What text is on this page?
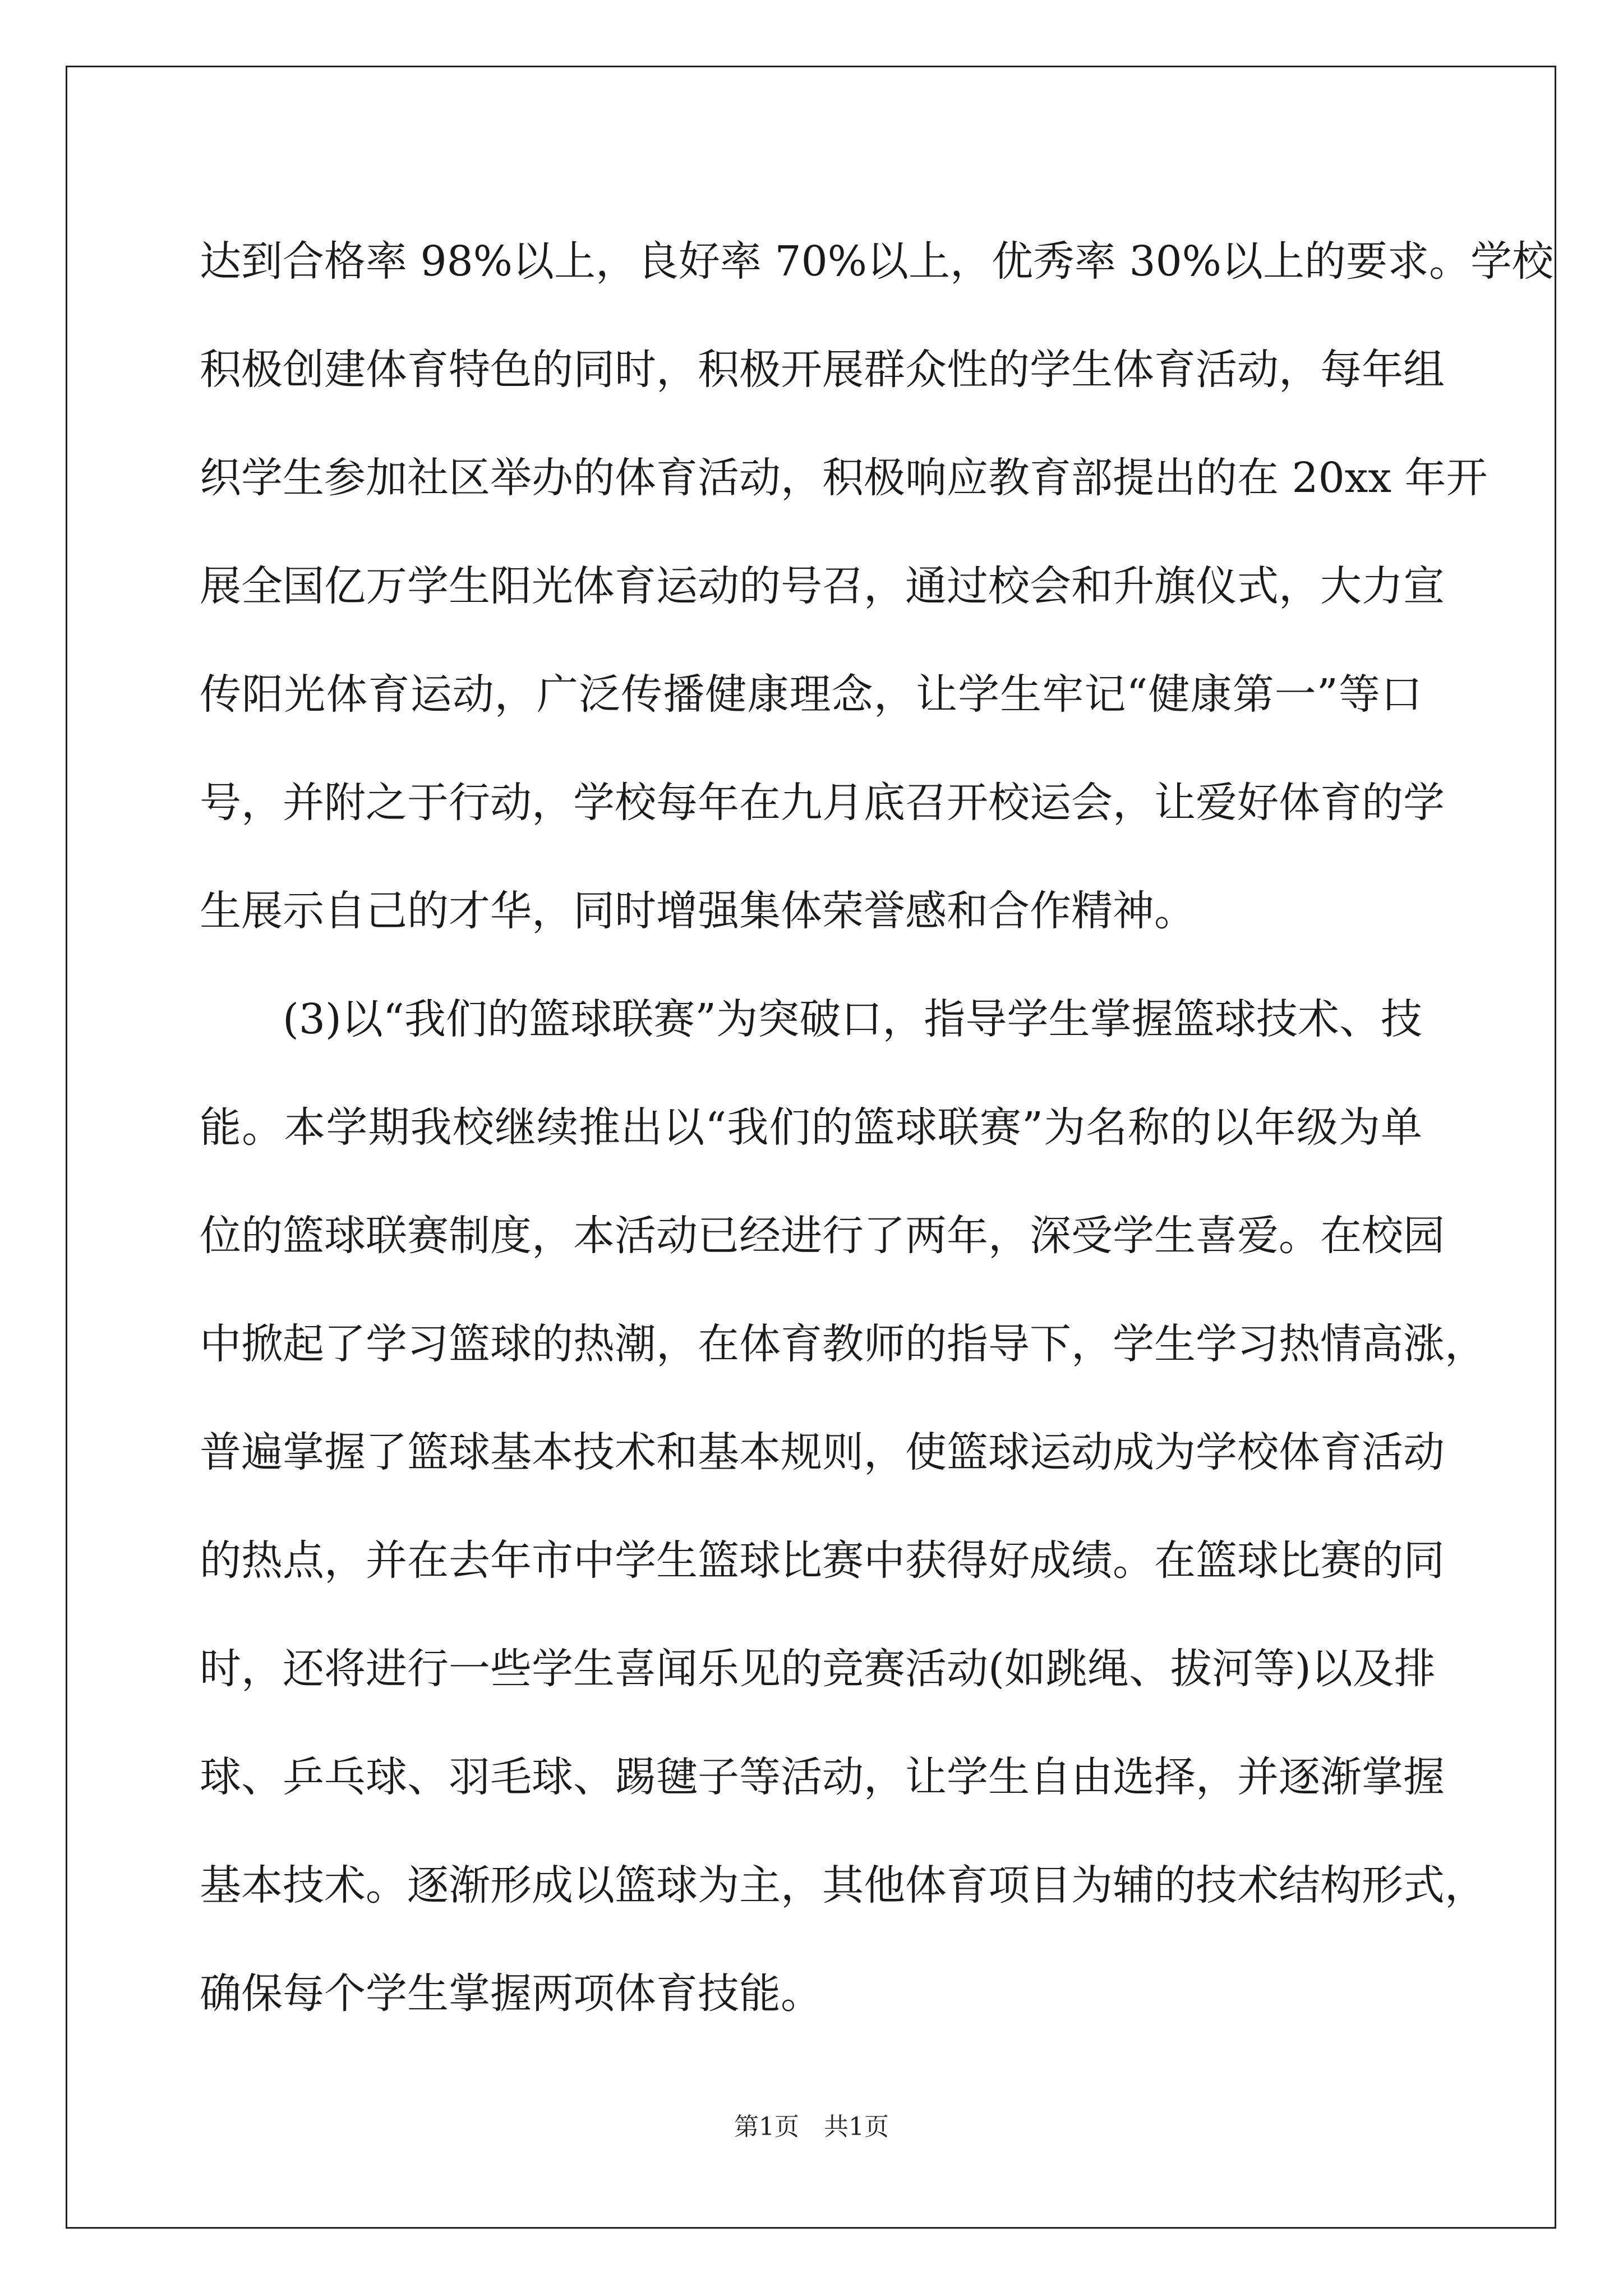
达到合格率 98%以上，良好率 70%以上，优秀率 30%以上的要求。学校
积极创建体育特色的同时，积极开展群众性的学生体育活动，每年组
织学生参加社区举办的体育活动，积极响应教育部提出的在 20xx 年开
展全国亿万学生阳光体育运动的号召，通过校会和升旗仪式，大力宣
传阳光体育运动，广泛传播健康理念，让学生牢记“健康第一”等口
号，并附之于行动，学校每年在九月底召开校运会，让爱好体育的学
生展示自己的才华，同时增强集体荣誉感和合作精神。
(3)以“我们的篮球联赛”为突破口，指导学生掌握篮球技术、技
能。本学期我校继续推出以“我们的篮球联赛”为名称的以年级为单
位的篮球联赛制度，本活动已经进行了两年，深受学生喜爱。在校园
中掀起了学习篮球的热潮，在体育教师的指导下，学生学习热情高涨，
普遍掌握了篮球基本技术和基本规则，使篮球运动成为学校体育活动
的热点，并在去年市中学生篮球比赛中获得好成绩。在篮球比赛的同
时，还将进行一些学生喜闻乐见的竞赛活动(如跳绳、拔河等)以及排
球、乒乓球、羽毛球、踢毽子等活动，让学生自由选择，并逐渐掌握
基本技术。逐渐形成以篮球为主，其他体育项目为辅的技术结构形式，
确保每个学生掌握两项体育技能。
第1页　共1页
